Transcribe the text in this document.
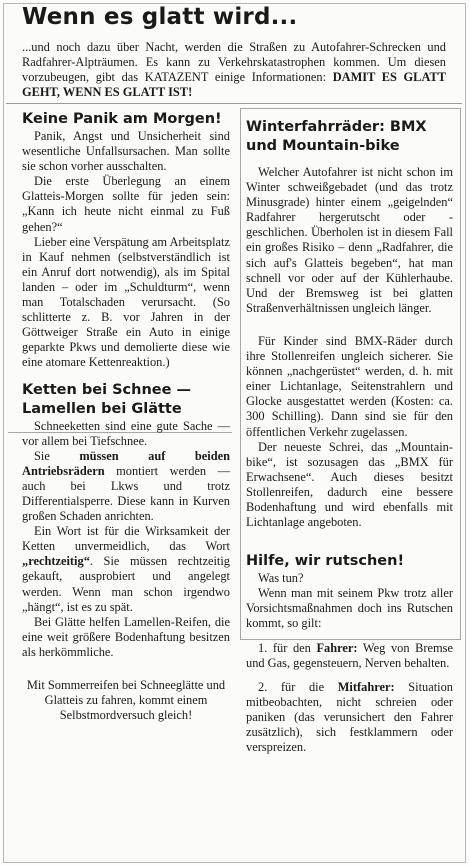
Wenn es glatt wird...
...und noch dazu über Nacht, werden die Straßen zu Autofahrer-Schrecken und Radfahrer-Alpträumen. Es kann zu Verkehrskatastrophen kommen. Um diesen vorzubeugen, gibt das KATAZENT einige Informationen: DAMIT ES GLATT GEHT, WENN ES GLATT IST!
Keine Panik am Morgen!

Panik, Angst und Unsicherheit sind wesentliche Unfallsursachen. Man sollte sie schon vorher ausschalten.

Die erste Überlegung an einem Glatteis-Morgen sollte für jeden sein: „Kann ich heute nicht einmal zu Fuß gehen?“

Lieber eine Verspätung am Arbeitsplatz in Kauf nehmen (selbstverständlich ist ein Anruf dort notwendig), als im Spital landen – oder im „Schuldturm“, wenn man Totalschaden verursacht. (So schlitterte z. B. vor Jahren in der Göttweiger Straße ein Auto in einige geparkte Pkws und demolierte diese wie eine atomare Kettenreaktion.)

Ketten bei Schnee — Lamellen bei Glätte

Schneeketten sind eine gute Sache — vor allem bei Tiefschnee.

Sie müssen auf beiden Antriebsrädern montiert werden — auch bei Lkws und trotz Differentialsperre. Diese kann in Kurven großen Schaden anrichten.

Ein Wort ist für die Wirksamkeit der Ketten unvermeidlich, das Wort „rechtzeitig“. Sie müssen rechtzeitig gekauft, ausprobiert und angelegt werden. Wenn man schon irgendwo „hängt“, ist es zu spät.

Bei Glätte helfen Lamellen-Reifen, die eine weit größere Bodenhaftung besitzen als herkömmliche.

Mit Sommerreifen bei Schneeglätte und Glatteis zu fahren, kommt einem Selbstmordversuch gleich!

Winterfahrräder: BMX und Mountain-bike

Welcher Autofahrer ist nicht schon im Winter schweißgebadet (und das trotz Minusgrade) hinter einem „geigelnden“ Radfahrer hergerutscht oder -geschlichen. Überholen ist in diesem Fall ein großes Risiko – denn „Radfahrer, die sich auf's Glatteis begeben“, hat man schnell vor oder auf der Kühlerhaube. Und der Bremsweg ist bei glatten Straßenverhältnissen ungleich länger.

Für Kinder sind BMX-Räder durch ihre Stollenreifen ungleich sicherer. Sie können „nachgerüstet“ werden, d. h. mit einer Lichtanlage, Seitenstrahlern und Glocke ausgestattet werden (Kosten: ca. 300 Schilling). Dann sind sie für den öffentlichen Verkehr zugelassen.

Der neueste Schrei, das „Mountain-bike“, ist sozusagen das „BMX für Erwachsene“. Auch dieses besitzt Stollenreifen, dadurch eine bessere Bodenhaftung und wird ebenfalls mit Lichtanlage angeboten.

Hilfe, wir rutschen!

Was tun?

Wenn man mit seinem Pkw trotz aller Vorsichtsmaßnahmen doch ins Rutschen kommt, so gilt:

1. für den Fahrer: Weg von Bremse und Gas, gegensteuern, Nerven behalten.

2. für die Mitfahrer: Situation mitbeobachten, nicht schreien oder paniken (das verunsichert den Fahrer zusätzlich), sich festklammern oder verspreizen.
